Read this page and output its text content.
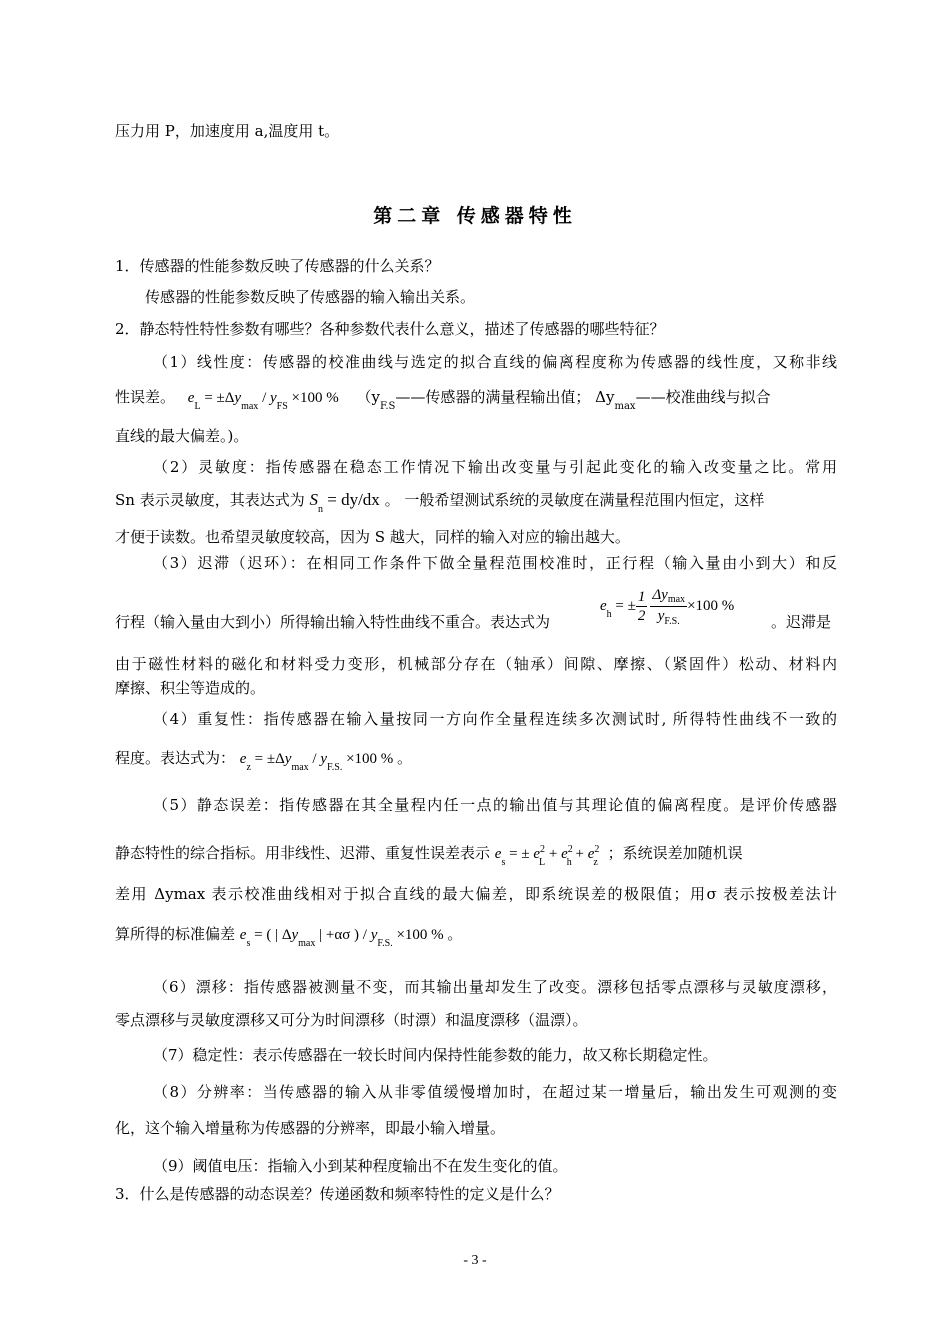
压力用 P，加速度用 a,温度用 t。
第二章 传感器特性
1．传感器的性能参数反映了传感器的什么关系？
传感器的性能参数反映了传感器的输入输出关系。
2．静态特性特性参数有哪些？各种参数代表什么意义，描述了传感器的哪些特征？
（1）线性度：传感器的校准曲线与选定的拟合直线的偏离程度称为传感器的线性度，又称非线
性误差。 $e_L = \pm\Delta y_{max} / y_{FS} \times 100$ % （$y_{F.S}——$传感器的满量程输出值； $\Delta y_{max}——$校准曲线与拟合
直线的最大偏差。)。
（2）灵敏度：指传感器在稳态工作情况下输出改变量与引起此变化的输入改变量之比。常用
Sn 表示灵敏度，其表达式为 $S_n = dy/dx$ 。 一般希望测试系统的灵敏度在满量程范围内恒定，这样
才便于读数。也希望灵敏度较高，因为 S 越大，同样的输入对应的输出越大。
（3）迟滞（迟环）：在相同工作条件下做全量程范围校准时，正行程（输入量由小到大）和反
行程（输入量由大到小）所得输出输入特性曲线不重合。表达式为
$e_h$ = ± $\frac{1}{2} \frac{\Delta y_{max}}{y_{F.S.}} \times 100$ %
。迟滞是
由于磁性材料的磁化和材料受力变形，机械部分存在（轴承）间隙、摩擦、（紧固件）松动、材料内
摩擦、积尘等造成的。
（4）重复性：指传感器在输入量按同一方向作全量程连续多次测试时, 所得特性曲线不一致的
程度。表达式为： $e_z = \pm\Delta y_{max} / y_{F.S.} \times 100$ % 。
（5）静态误差：指传感器在其全量程内任一点的输出值与其理论值的偏离程度。是评价传感器
静态特性的综合指标。用非线性、迟滞、重复性误差表示 $e_s$ = ± $e^2_L + e^2_h + e^2_z$ ；系统误差加随机误
差用 Δymax 表示校准曲线相对于拟合直线的最大偏差，即系统误差的极限值；用σ 表示按极差法计
算所得的标准偏差 $e_s$ = ( | $\Delta y_{max}$ | +ασ ) / $y_{F.S.} \times 100$ % 。
（6）漂移：指传感器被测量不变，而其输出量却发生了改变。漂移包括零点漂移与灵敏度漂移，
零点漂移与灵敏度漂移又可分为时间漂移（时漂）和温度漂移（温漂）。
（7）稳定性：表示传感器在一较长时间内保持性能参数的能力，故又称长期稳定性。
（8）分辨率：当传感器的输入从非零值缓慢增加时，在超过某一增量后，输出发生可观测的变
化，这个输入增量称为传感器的分辨率，即最小输入增量。
（9）阈值电压：指输入小到某种程度输出不在发生变化的值。
3．什么是传感器的动态误差？传递函数和频率特性的定义是什么？
- 3 -
